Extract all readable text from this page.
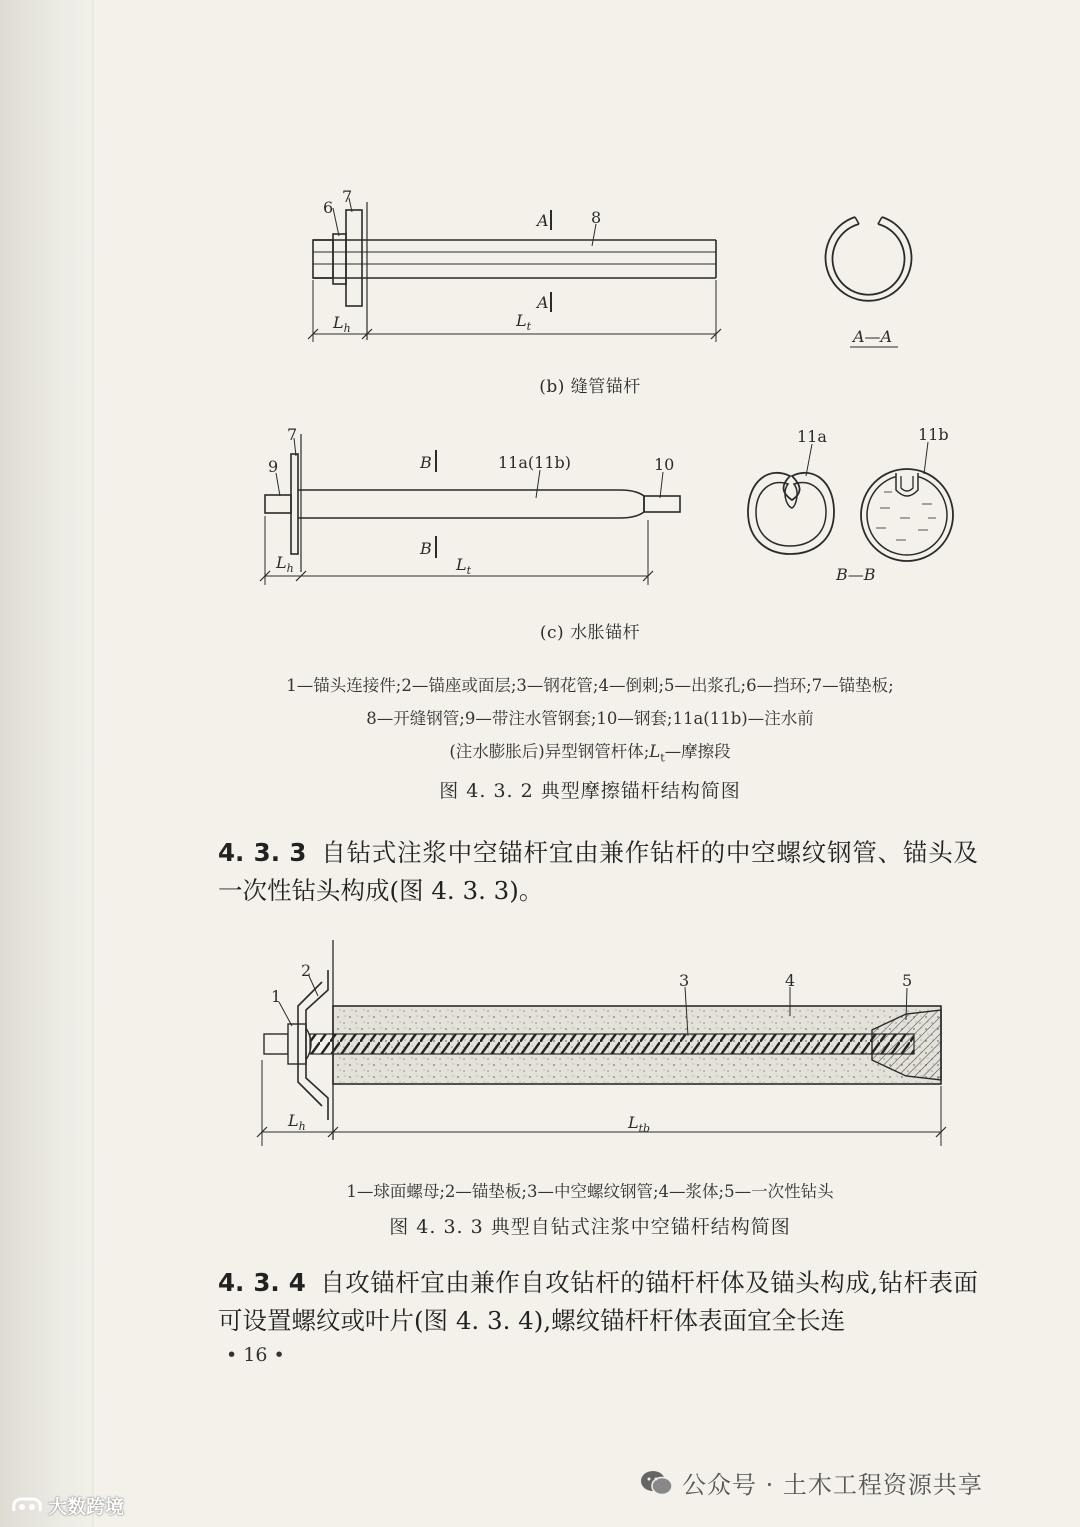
6
7
8
A
A
$L_h$	$L_t$
A—A
(b) 缝管锚杆
7
9	11a(11b)	10
B
B
$L_h$	$L_t$
11a	11b
B—B
(c) 水胀锚杆
1—锚头连接件;2—锚座或面层;3—钢花管;4—倒刺;5—出浆孔;6—挡环;7—锚垫板;
8—开缝钢管;9—带注水管钢套;10—钢套;11a(11b)—注水前
(注水膨胀后)异型钢管杆体$;L_t—$摩擦段
图 4. 3. 2 典型摩擦锚杆结构简图
4. 3. 3 自钻式注浆中空锚杆宜由兼作钻杆的中空螺纹钢管、锚头及一次性钻头构成(图 4. 3. 3)。
1
2
3	4	5
$L_h$	$L_{tb}$
1—球面螺母;2—锚垫板;3—中空螺纹钢管;4—浆体;5—一次性钻头
图 4. 3. 3 典型自钻式注浆中空锚杆结构简图
4. 3. 4 自攻锚杆宜由兼作自攻钻杆的锚杆杆体及锚头构成,钻杆表面可设置螺纹或叶片(图 4. 3. 4),螺纹锚杆杆体表面宜全长连
• 16 •
公众号 · 土木工程资源共享
大数跨境
